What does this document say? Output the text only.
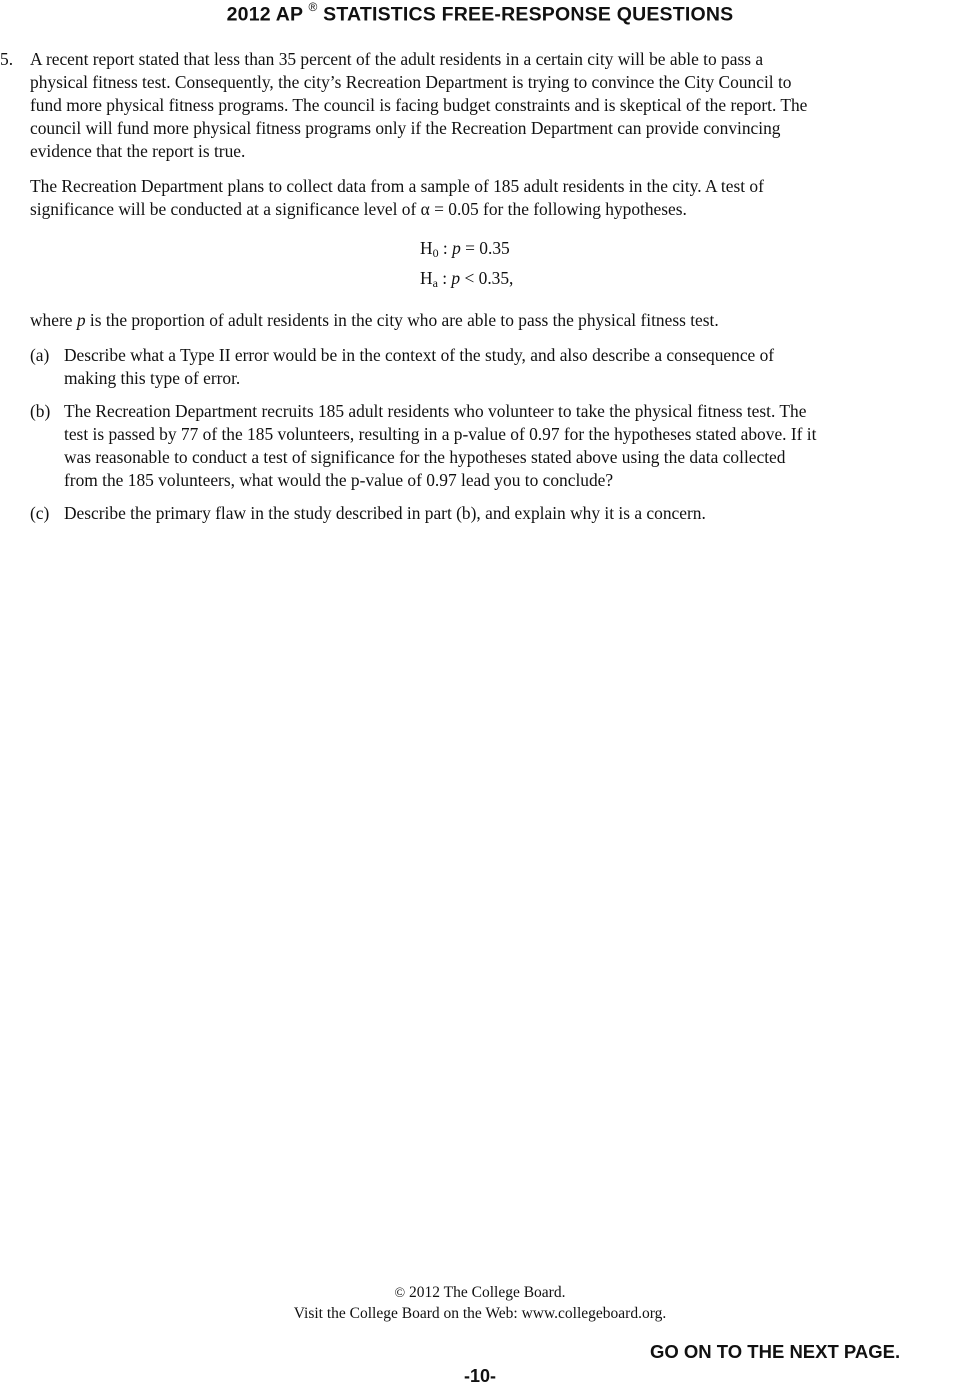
2012 AP ® STATISTICS FREE-RESPONSE QUESTIONS
5. A recent report stated that less than 35 percent of the adult residents in a certain city will be able to pass a
physical fitness test. Consequently, the city’s Recreation Department is trying to convince the City Council to
fund more physical fitness programs. The council is facing budget constraints and is skeptical of the report. The
council will fund more physical fitness programs only if the Recreation Department can provide convincing
evidence that the report is true.
The Recreation Department plans to collect data from a sample of 185 adult residents in the city. A test of
significance will be conducted at a significance level of α = 0.05 for the following hypotheses.
$H_0$ : p = 0.35
$H_a$ : p < 0.35,
where p is the proportion of adult residents in the city who are able to pass the physical fitness test.
(a) Describe what a Type II error would be in the context of the study, and also describe a consequence of
making this type of error.
(b) The Recreation Department recruits 185 adult residents who volunteer to take the physical fitness test. The
test is passed by 77 of the 185 volunteers, resulting in a p-value of 0.97 for the hypotheses stated above. If it
was reasonable to conduct a test of significance for the hypotheses stated above using the data collected
from the 185 volunteers, what would the p-value of 0.97 lead you to conclude?
(c) Describe the primary flaw in the study described in part (b), and explain why it is a concern.
© 2012 The College Board.
Visit the College Board on the Web: www.collegeboard.org.
-10-
GO ON TO THE NEXT PAGE.
